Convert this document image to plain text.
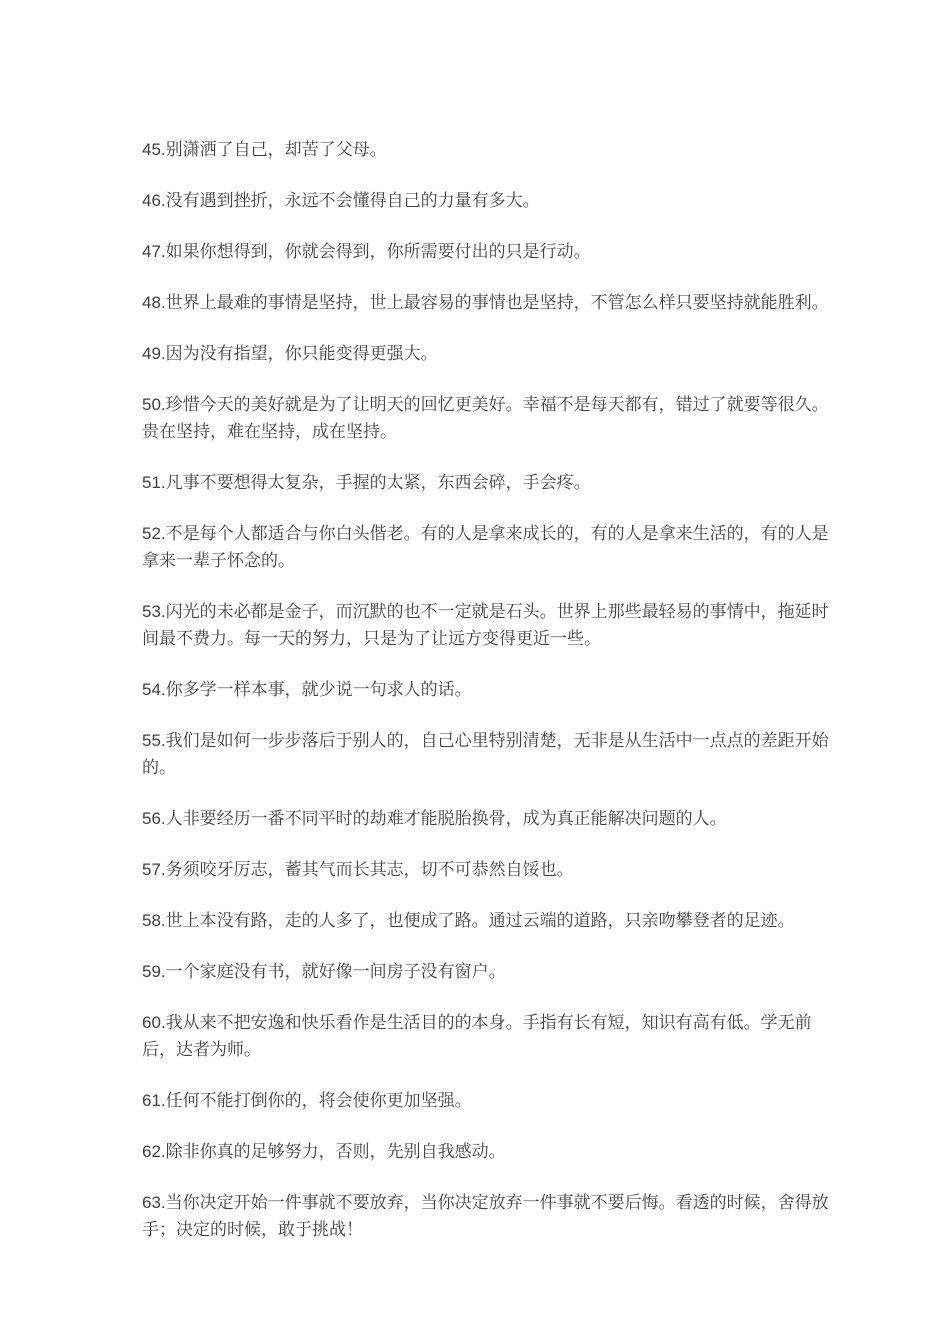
45.别潇洒了自己，却苦了父母。

46.没有遇到挫折，永远不会懂得自己的力量有多大。

47.如果你想得到，你就会得到，你所需要付出的只是行动。

48.世界上最难的事情是坚持，世上最容易的事情也是坚持，不管怎么样只要坚持就能胜利。

49.因为没有指望，你只能变得更强大。

50.珍惜今天的美好就是为了让明天的回忆更美好。幸福不是每天都有，错过了就要等很久。贵在坚持，难在坚持，成在坚持。

51.凡事不要想得太复杂，手握的太紧，东西会碎，手会疼。

52.不是每个人都适合与你白头偕老。有的人是拿来成长的，有的人是拿来生活的，有的人是拿来一辈子怀念的。

53.闪光的未必都是金子，而沉默的也不一定就是石头。世界上那些最轻易的事情中，拖延时间最不费力。每一天的努力，只是为了让远方变得更近一些。

54.你多学一样本事，就少说一句求人的话。

55.我们是如何一步步落后于别人的，自己心里特别清楚，无非是从生活中一点点的差距开始的。

56.人非要经历一番不同平时的劫难才能脱胎换骨，成为真正能解决问题的人。

57.务须咬牙厉志，蓄其气而长其志，切不可恭然自馁也。

58.世上本没有路，走的人多了，也便成了路。通过云端的道路，只亲吻攀登者的足迹。

59.一个家庭没有书，就好像一间房子没有窗户。

60.我从来不把安逸和快乐看作是生活目的的本身。手指有长有短，知识有高有低。学无前后，达者为师。

61.任何不能打倒你的，将会使你更加坚强。

62.除非你真的足够努力，否则，先别自我感动。

63.当你决定开始一件事就不要放弃，当你决定放弃一件事就不要后悔。看透的时候，舍得放手；决定的时候，敢于挑战！
